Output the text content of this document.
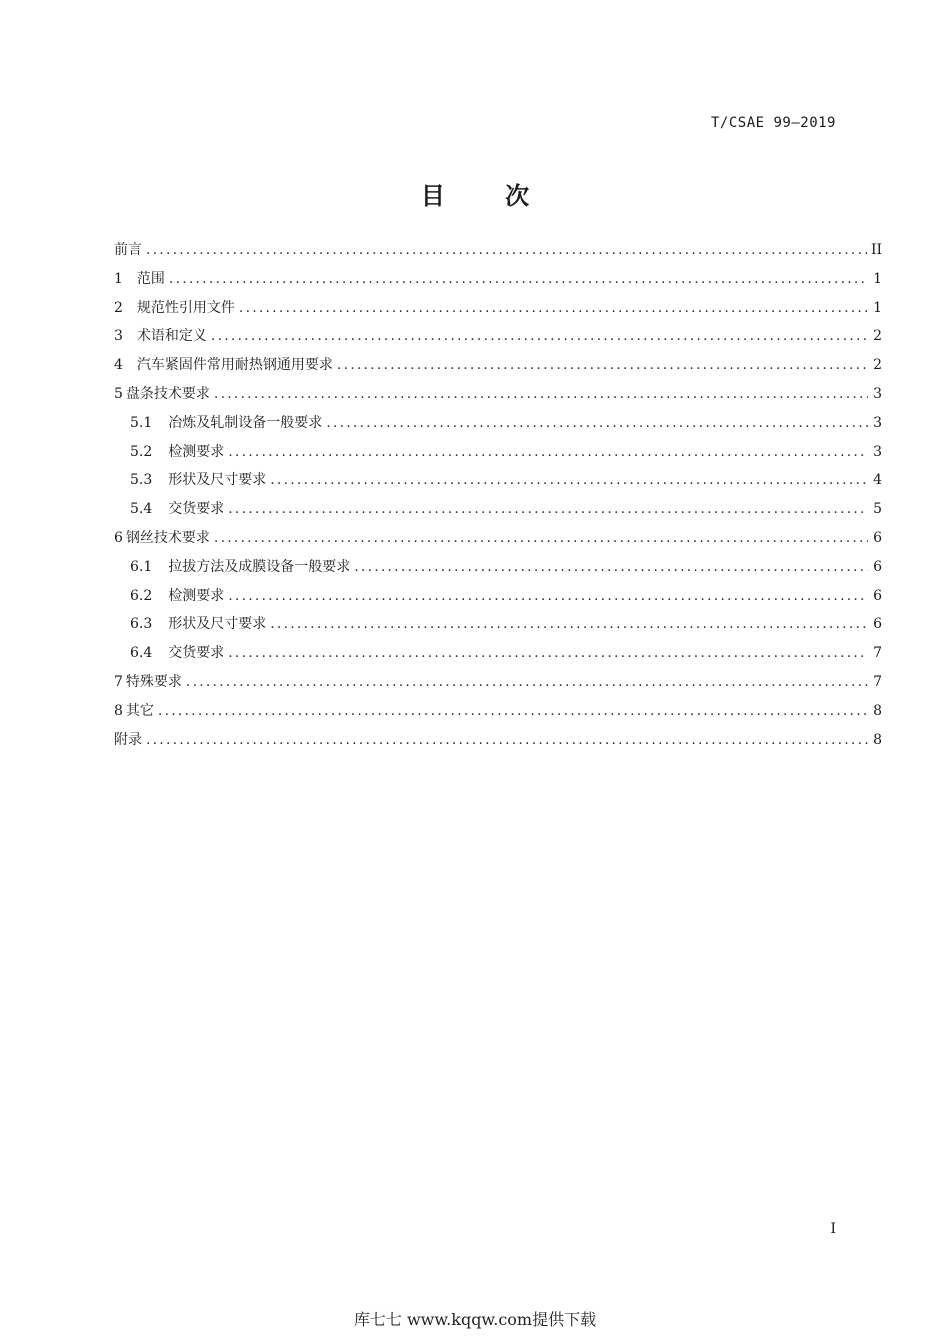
T/CSAE 99—2019
目 次
前言 .....	II
1 范围 .....	1
2 规范性引用文件 .....	1
3 术语和定义 .....	2
4 汽车紧固件常用耐热钢通用要求 .....	2
5 盘条技术要求 .....	3
5.1 冶炼及轧制设备一般要求 .....	3
5.2 检测要求 .....	3
5.3 形状及尺寸要求 .....	4
5.4 交货要求 .....	5
6 钢丝技术要求 .....	6
6.1 拉拔方法及成膜设备一般要求 .....	6
6.2 检测要求 .....	6
6.3 形状及尺寸要求 .....	6
6.4 交货要求 .....	7
7 特殊要求 .....	7
8 其它 .....	8
附录 .....	8
I
库七七 www.kqqw.com提供下载
